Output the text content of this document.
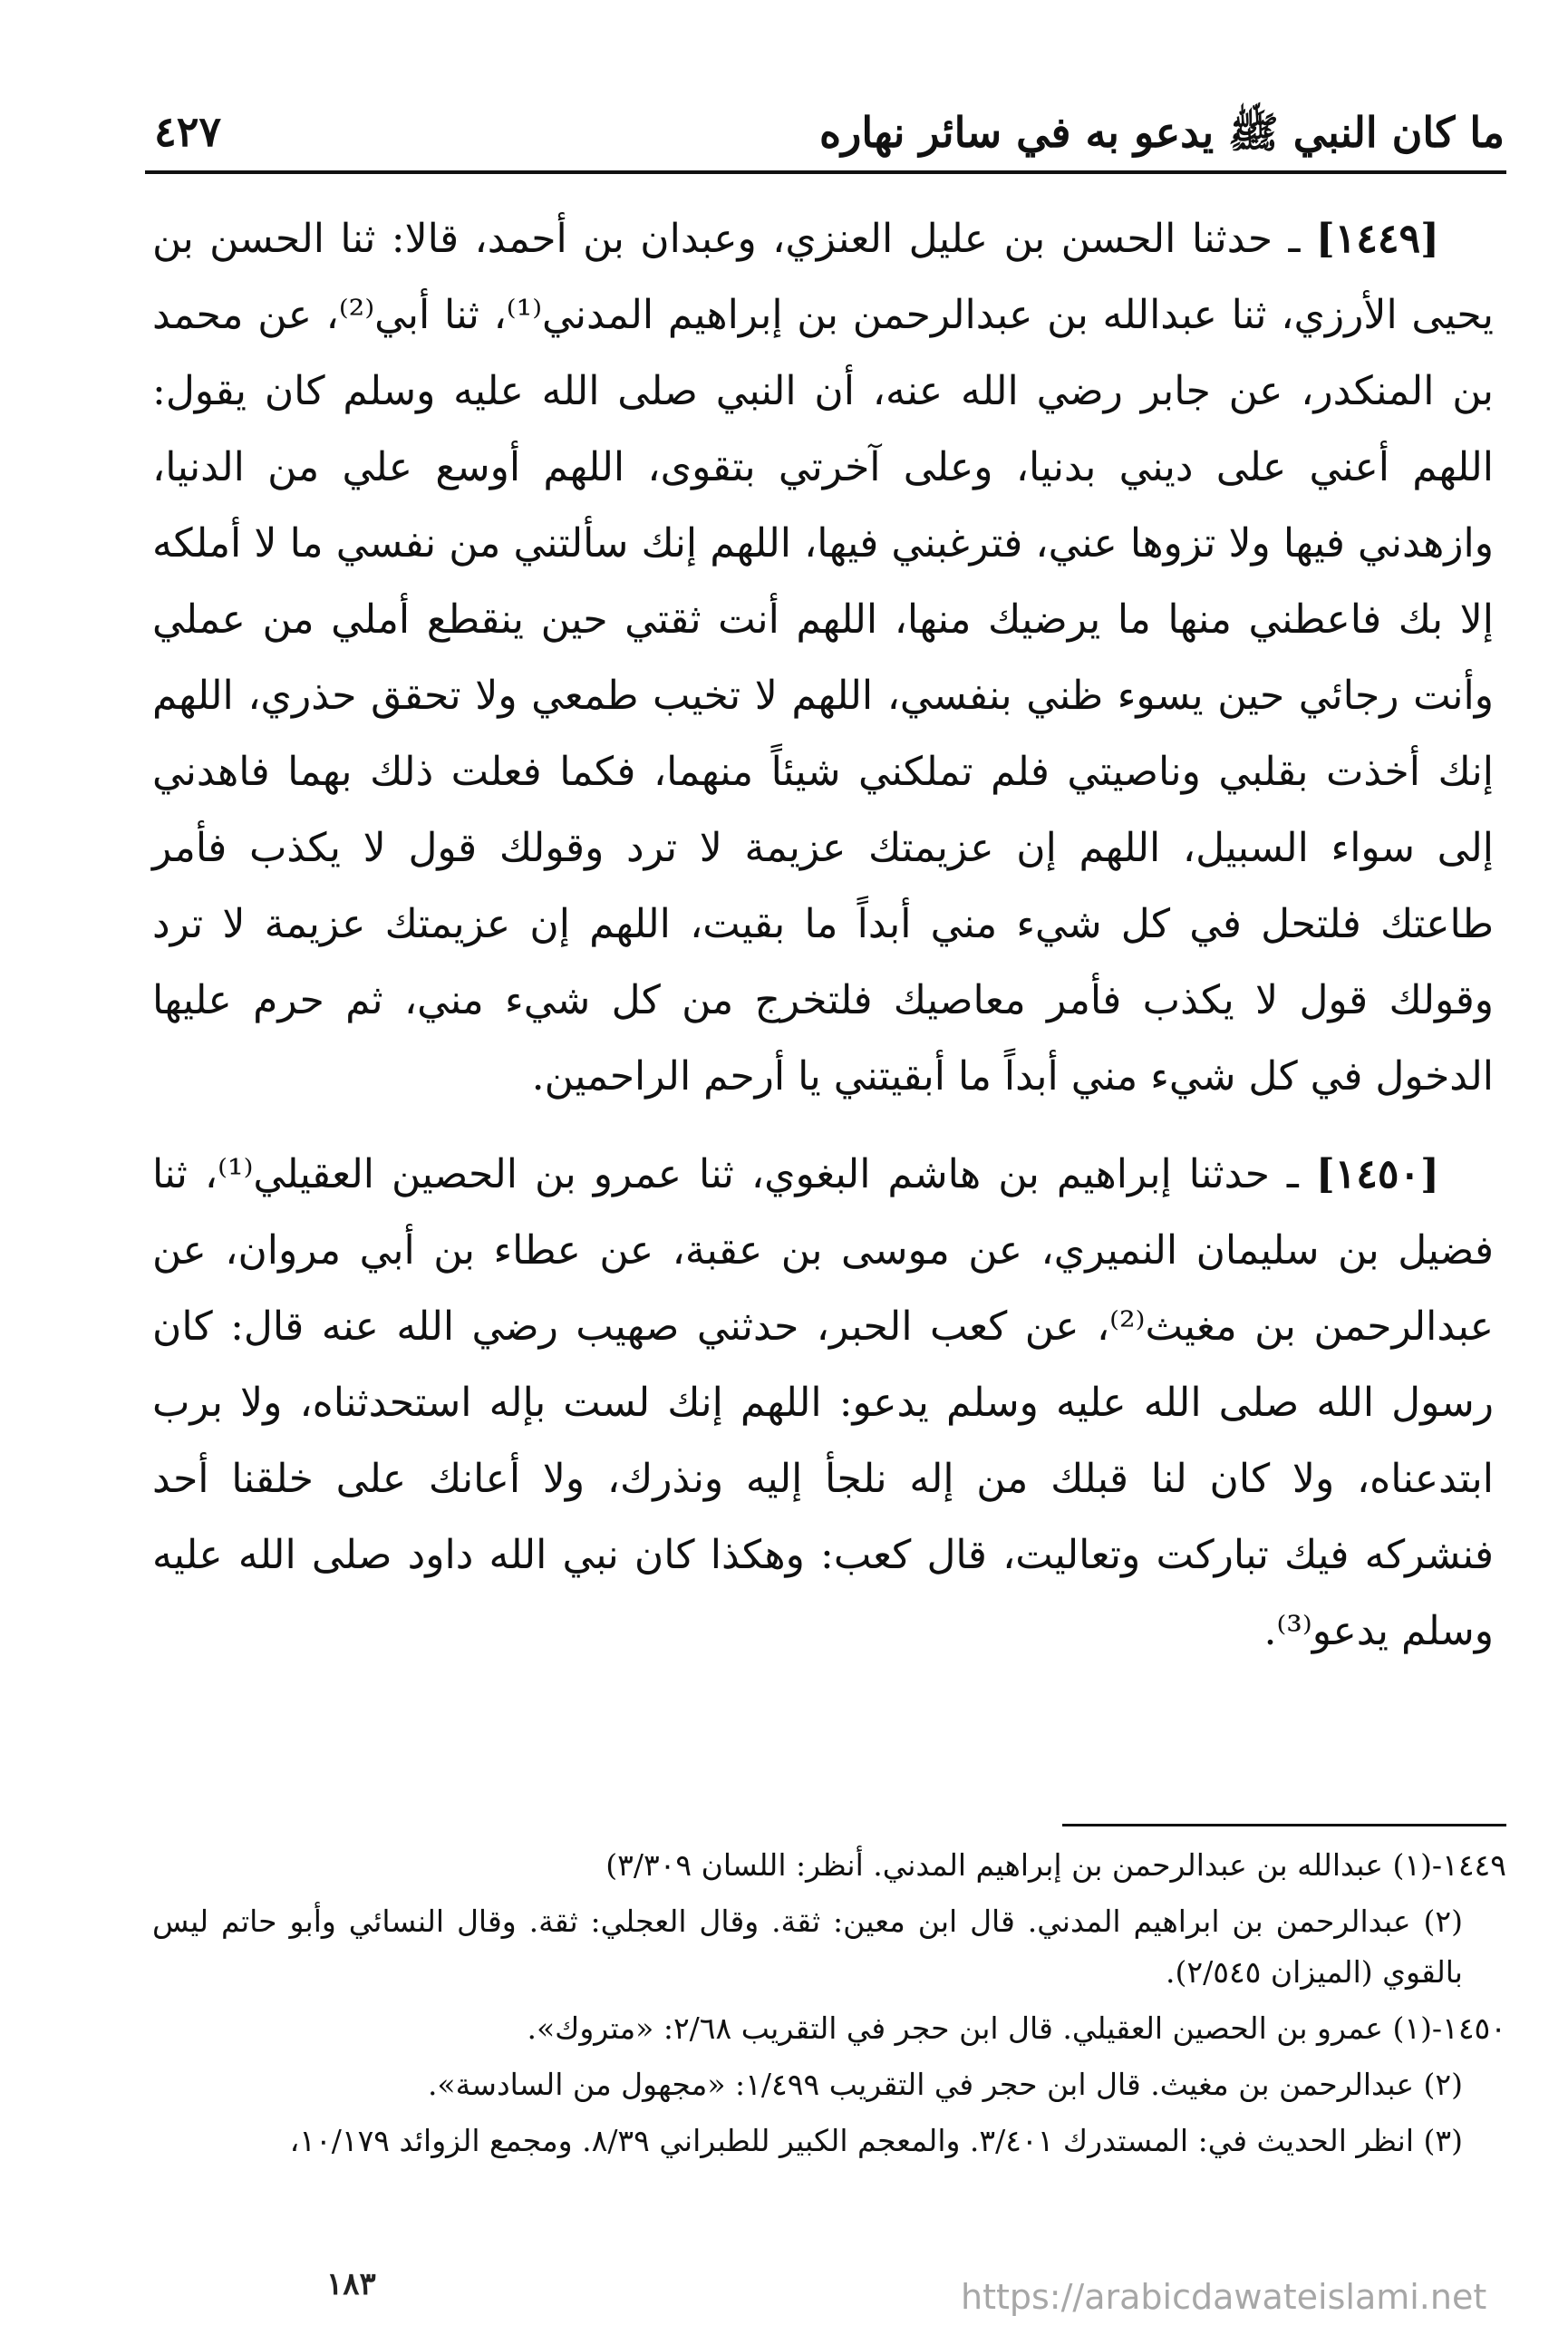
ما كان النبي ﷺ يدعو به في سائر نهاره
٤٢٧

[١٤٤٩] ـ حدثنا الحسن بن عليل العنزي، وعبدان بن أحمد، قالا: ثنا الحسن بن يحيى الأرزي، ثنا عبدالله بن عبدالرحمن بن إبراهيم المدني⁽¹⁾، ثنا أبي⁽²⁾، عن محمد بن المنكدر، عن جابر رضي الله عنه، أن النبي صلى الله عليه وسلم كان يقول: اللهم أعني على ديني بدنيا، وعلى آخرتي بتقوى، اللهم أوسع علي من الدنيا، وازهدني فيها ولا تزوها عني، فترغبني فيها، اللهم إنك سألتني من نفسي ما لا أملكه إلا بك فاعطني منها ما يرضيك منها، اللهم أنت ثقتي حين ينقطع أملي من عملي وأنت رجائي حين يسوء ظني بنفسي، اللهم لا تخيب طمعي ولا تحقق حذري، اللهم إنك أخذت بقلبي وناصيتي فلم تملكني شيئاً منهما، فكما فعلت ذلك بهما فاهدني إلى سواء السبيل، اللهم إن عزيمتك عزيمة لا ترد وقولك قول لا يكذب فأمر طاعتك فلتحل في كل شيء مني أبداً ما بقيت، اللهم إن عزيمتك عزيمة لا ترد وقولك قول لا يكذب فأمر معاصيك فلتخرج من كل شيء مني، ثم حرم عليها الدخول في كل شيء مني أبداً ما أبقيتني يا أرحم الراحمين.

[١٤٥٠] ـ حدثنا إبراهيم بن هاشم البغوي، ثنا عمرو بن الحصين العقيلي⁽¹⁾، ثنا فضيل بن سليمان النميري، عن موسى بن عقبة، عن عطاء بن أبي مروان، عن عبدالرحمن بن مغيث⁽²⁾، عن كعب الحبر، حدثني صهيب رضي الله عنه قال: كان رسول الله صلى الله عليه وسلم يدعو: اللهم إنك لست بإله استحدثناه، ولا برب ابتدعناه، ولا كان لنا قبلك من إله نلجأ إليه ونذرك، ولا أعانك على خلقنا أحد فنشركه فيك تباركت وتعاليت، قال كعب: وهكذا كان نبي الله داود صلى الله عليه وسلم يدعو⁽³⁾.

١٤٤٩-(١) عبدالله بن عبدالرحمن بن إبراهيم المدني. أنظر: اللسان ٣/٣٠٩)

(٢) عبدالرحمن بن ابراهيم المدني. قال ابن معين: ثقة. وقال العجلي: ثقة. وقال النسائي وأبو حاتم ليس بالقوي (الميزان ٢/٥٤٥).

١٤٥٠-(١) عمرو بن الحصين العقيلي. قال ابن حجر في التقريب ٢/٦٨: «متروك».

(٢) عبدالرحمن بن مغيث. قال ابن حجر في التقريب ١/٤٩٩: «مجهول من السادسة».

(٣) انظر الحديث في: المستدرك ٣/٤٠١. والمعجم الكبير للطبراني ٨/٣٩. ومجمع الزوائد ١٠/١٧٩،

١٨٣	https://arabicdawateislami.net
